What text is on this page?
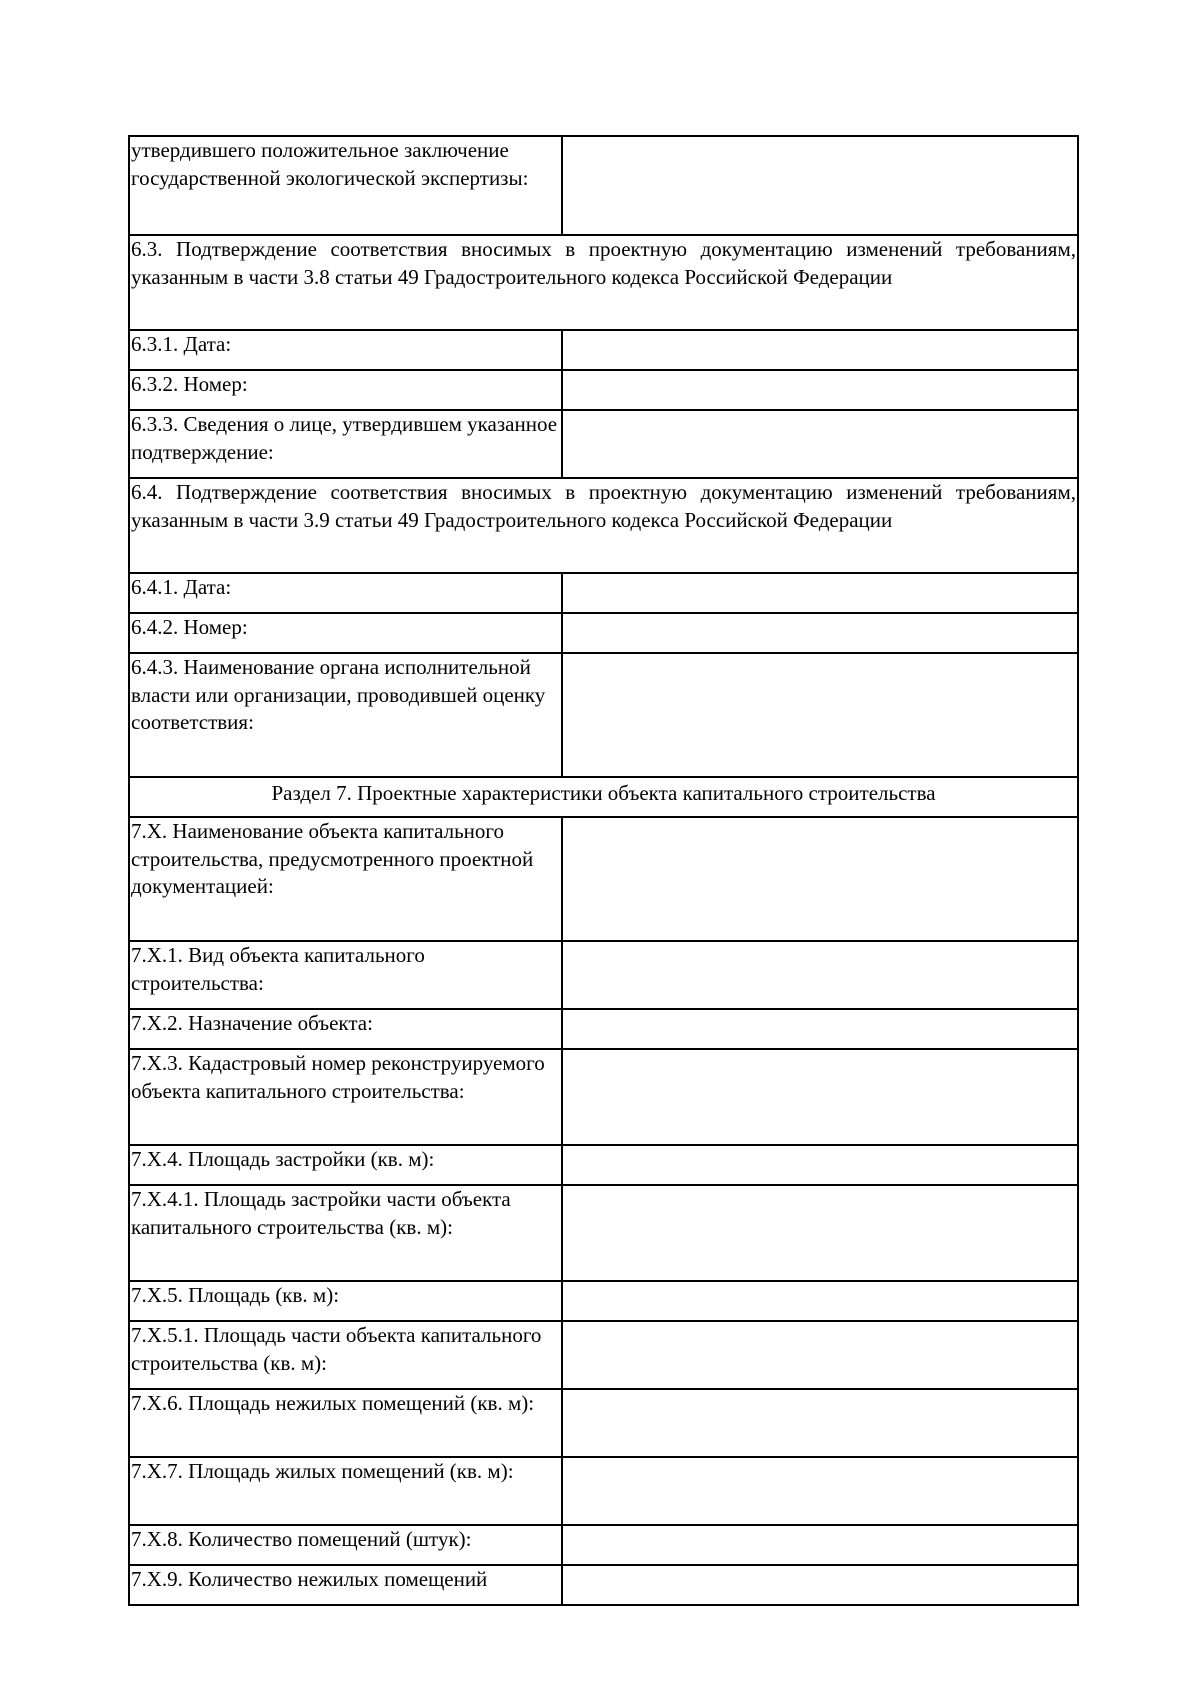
утвердившего положительное заключение государственной экологической экспертизы:	
6.3. Подтверждение соответствия вносимых в проектную документацию изменений требованиям, указанным в части 3.8 статьи 49 Градостроительного кодекса Российской Федерации	
6.3.1. Дата:	
6.3.2. Номер:	
6.3.3. Сведения о лице, утвердившем указанное подтверждение:	
6.4. Подтверждение соответствия вносимых в проектную документацию изменений требованиям, указанным в части 3.9 статьи 49 Градостроительного кодекса Российской Федерации	
6.4.1. Дата:	
6.4.2. Номер:	
6.4.3. Наименование органа исполнительной власти или организации, проводившей оценку соответствия:	
Раздел 7. Проектные характеристики объекта капитального строительства	
7.X. Наименование объекта капитального строительства, предусмотренного проектной документацией:	
7.X.1. Вид объекта капитального строительства:	
7.X.2. Назначение объекта:	
7.X.3. Кадастровый номер реконструируемого объекта капитального строительства:	
7.X.4. Площадь застройки (кв. м):	
7.X.4.1. Площадь застройки части объекта капитального строительства (кв. м):	
7.X.5. Площадь (кв. м):	
7.X.5.1. Площадь части объекта капитального строительства (кв. м):	
7.X.6. Площадь нежилых помещений (кв. м):	
7.X.7. Площадь жилых помещений (кв. м):	
7.X.8. Количество помещений (штук):	
7.X.9. Количество нежилых помещений	
